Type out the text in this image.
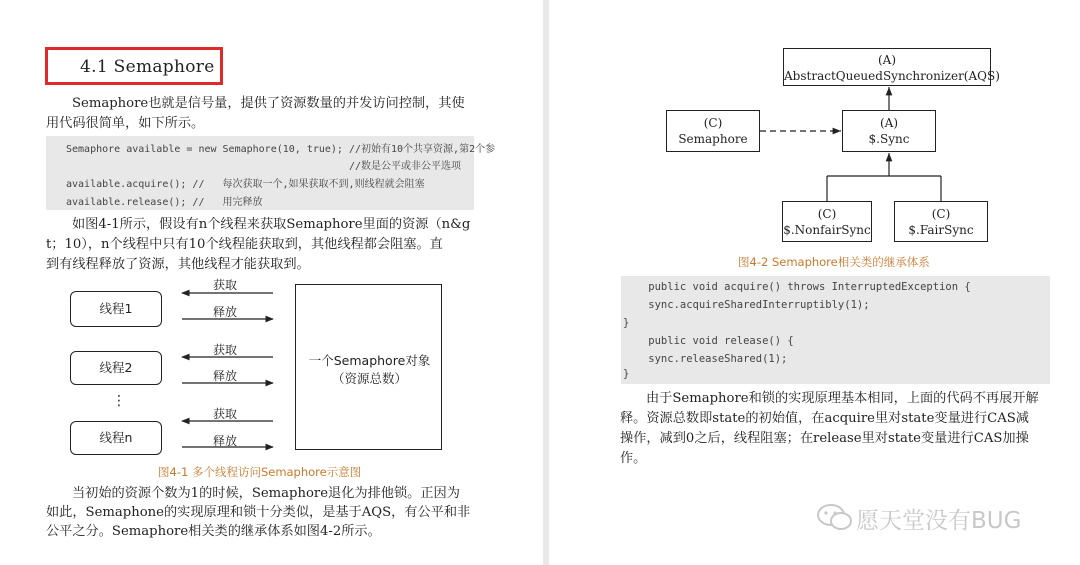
4.1 Semaphore
Semaphore也就是信号量，提供了资源数量的并发访问控制，其使
用代码很简单，如下所示。
Semaphore available = new Semaphore(10, true); //初始有10个共享资源,第2个参
//数是公平或非公平选项
available.acquire(); //   每次获取一个,如果获取不到,则线程就会阻塞
available.release(); //   用完释放
如图4-1所示，假设有n个线程来获取Semaphore里面的资源（n&g
t；10），n个线程中只有10个线程能获取到，其他线程都会阻塞。直
到有线程释放了资源，其他线程才能获取到。
线程1
线程2
⋮
线程n
获取
释放
获取
释放
获取
释放
一个Semaphore对象
（资源总数）
图4-1 多个线程访问Semaphore示意图
当初始的资源个数为1的时候，Semaphore退化为排他锁。正因为
如此，Semaphone的实现原理和锁十分类似，是基于AQS，有公平和非
公平之分。Semaphore相关类的继承体系如图4-2所示。
(A)
AbstractQueuedSynchronizer(AQS)
(C)
Semaphore
(A)
$.Sync
(C)
$.NonfairSync
(C)
$.FairSync
图4-2 Semaphore相关类的继承体系
public void acquire() throws InterruptedException {
sync.acquireSharedInterruptibly(1);
}
public void release() {
sync.releaseShared(1);
}
由于Semaphore和锁的实现原理基本相同，上面的代码不再展开解
释。资源总数即state的初始值，在acquire里对state变量进行CAS减
操作，减到0之后，线程阻塞；在release里对state变量进行CAS加操
作。
愿天堂没有BUG
